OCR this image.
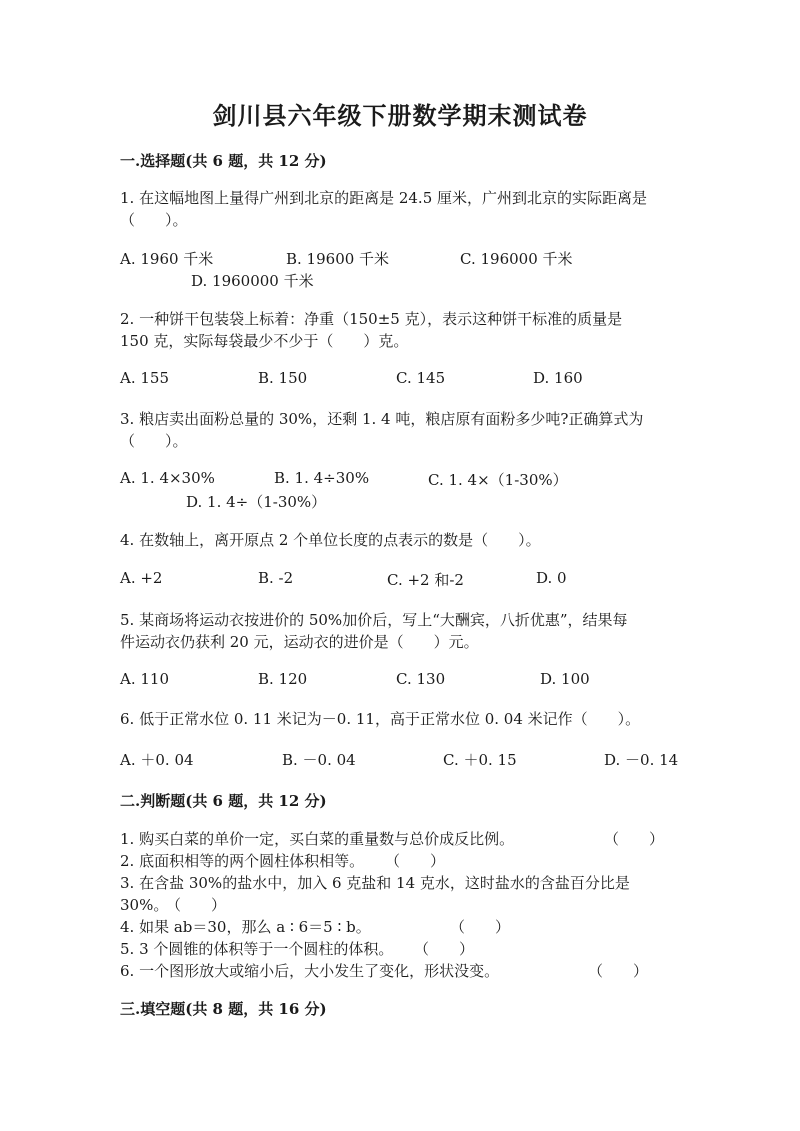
剑川县六年级下册数学期末测试卷
一.选择题(共 6 题，共 12 分)
1. 在这幅地图上量得广州到北京的距离是 24.5 厘米，广州到北京的实际距离是
（　　）。
A. 1960 千米	B. 19600 千米	C. 196000 千米
D. 1960000 千米
2. 一种饼干包装袋上标着：净重（150±5 克），表示这种饼干标准的质量是
150 克，实际每袋最少不少于（　　）克。
A. 155	B. 150	C. 145	D. 160
3. 粮店卖出面粉总量的 30%，还剩 1. 4 吨，粮店原有面粉多少吨?正确算式为
（　　）。
A. 1. 4×30%	B. 1. 4÷30%	C. 1. 4×（1-30%）
D. 1. 4÷（1-30%）
4. 在数轴上，离开原点 2 个单位长度的点表示的数是（　　）。
A. +2	B. -2	C. +2 和-2	D. 0
5. 某商场将运动衣按进价的 50%加价后，写上“大酬宾，八折优惠”，结果每
件运动衣仍获利 20 元，运动衣的进价是（　　）元。
A. 110	B. 120	C. 130	D. 100
6. 低于正常水位 0. 11 米记为－0. 11，高于正常水位 0. 04 米记作（　　）。
A. ＋0. 04	B. －0. 04	C. ＋0. 15	D. －0. 14
二.判断题(共 6 题，共 12 分)
1. 购买白菜的单价一定，买白菜的重量数与总价成反比例。	（　　）
2. 底面积相等的两个圆柱体积相等。 （　　）
3. 在含盐 30%的盐水中，加入 6 克盐和 14 克水，这时盐水的含盐百分比是
30%。
（　　）
4. 如果 ab＝30，那么 a ∶ 6＝5 ∶ b。	（　　）
5. 3 个圆锥的体积等于一个圆柱的体积。 （　　）
6. 一个图形放大或缩小后，大小发生了变化，形状没变。	（　　）
三.填空题(共 8 题，共 16 分)
